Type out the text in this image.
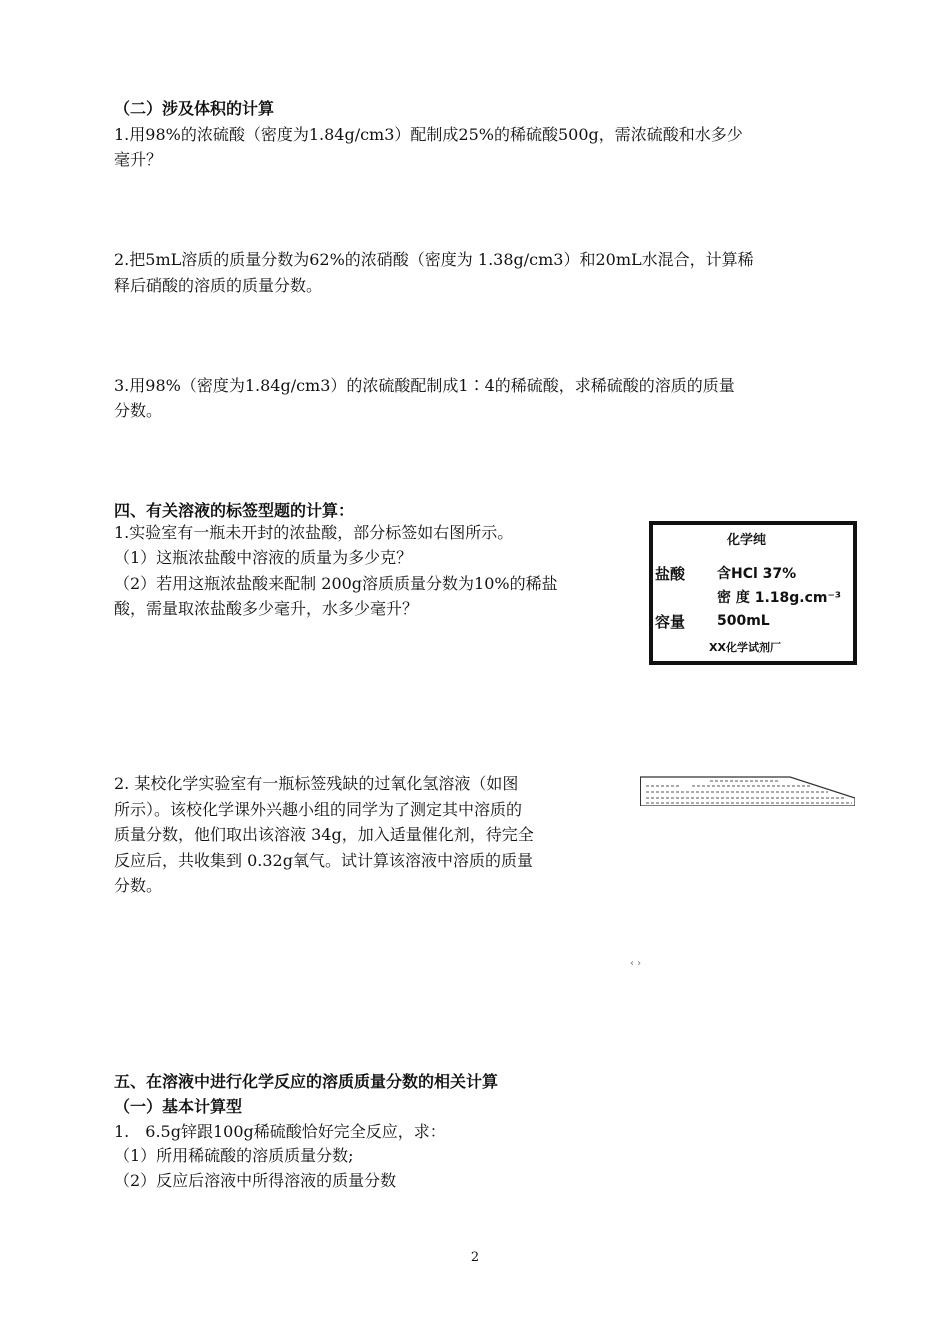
（二）涉及体积的计算
1.用98%的浓硫酸（密度为1.84g/cm3）配制成25%的稀硫酸500g，需浓硫酸和水多少
毫升？
2.把5mL溶质的质量分数为62%的浓硝酸（密度为 1.38g/cm3）和20mL水混合，计算稀
释后硝酸的溶质的质量分数。
3.用98%（密度为1.84g/cm3）的浓硫酸配制成1∶4的稀硫酸，求稀硫酸的溶质的质量
分数。
四、有关溶液的标签型题的计算：
1.实验室有一瓶未开封的浓盐酸，部分标签如右图所示。
（1）这瓶浓盐酸中溶液的质量为多少克？
（2）若用这瓶浓盐酸来配制 200g溶质质量分数为10%的稀盐
酸，需量取浓盐酸多少毫升，水多少毫升？
化学纯
盐酸 含HCl 37%
密 度 1.18g.cm⁻³
容量 500mL
XX化学试剂厂
2. 某校化学实验室有一瓶标签残缺的过氧化氢溶液（如图
所示）。该校化学课外兴趣小组的同学为了测定其中溶质的
质量分数，他们取出该溶液 34g，加入适量催化剂，待完全
反应后，共收集到 0.32g氧气。试计算该溶液中溶质的质量
分数。
‹ ›
五、在溶液中进行化学反应的溶质质量分数的相关计算
（一）基本计算型
1.　6.5g锌跟100g稀硫酸恰好完全反应，求：
（1）所用稀硫酸的溶质质量分数;
（2）反应后溶液中所得溶液的质量分数
2
